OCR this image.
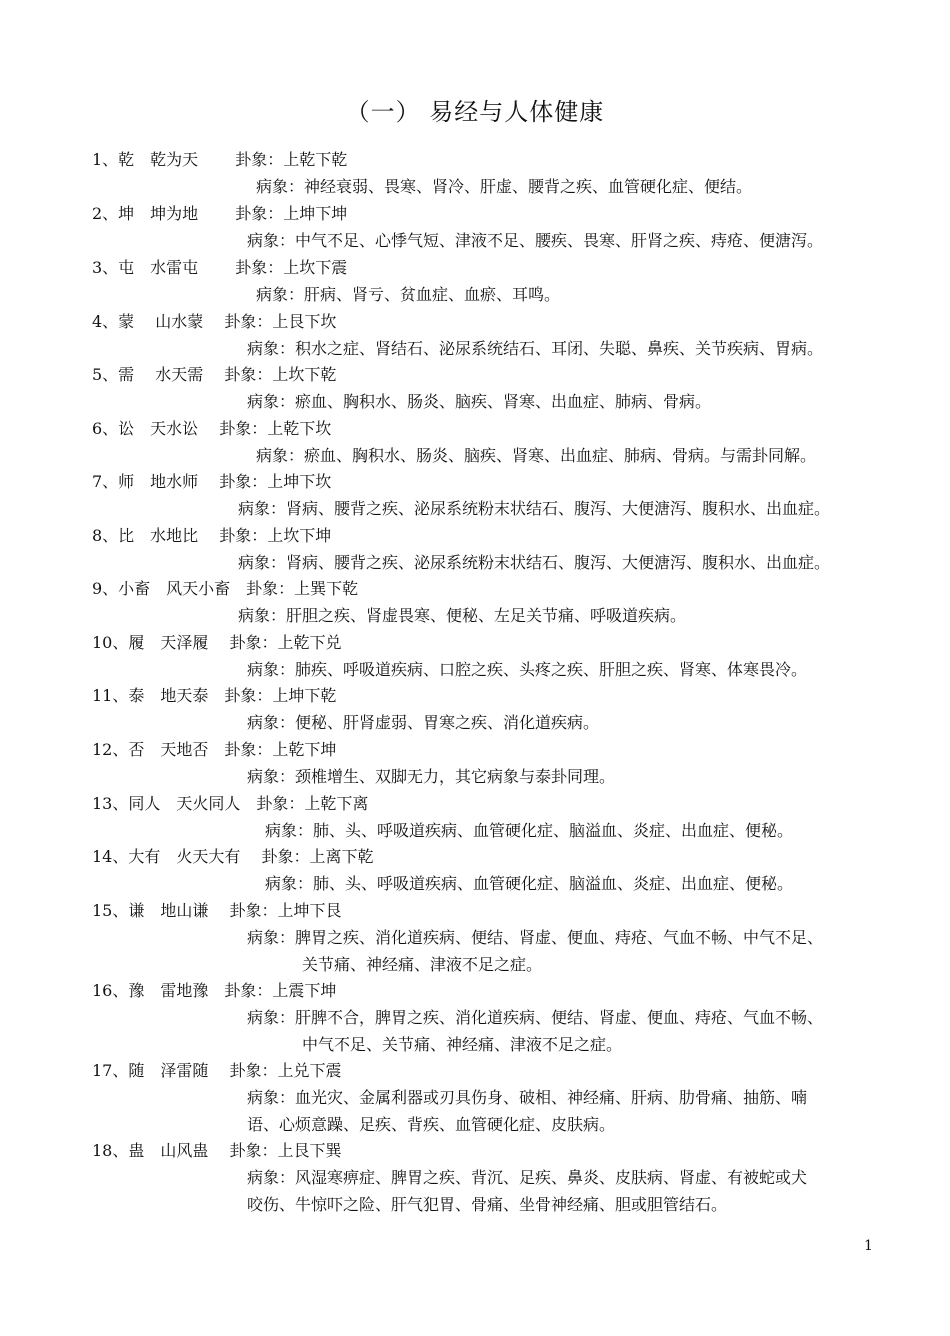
（一） 易经与人体健康
1、乾　乾为天　　 卦象：上乾下乾
病象：神经衰弱、畏寒、肾冷、肝虚、腰背之疾、血管硬化症、便结。
2、坤　坤为地　　 卦象：上坤下坤
病象：中气不足、心悸气短、津液不足、腰疾、畏寒、肝肾之疾、痔疮、便溏泻。
3、屯　水雷屯　　 卦象：上坎下震
病象：肝病、肾亏、贫血症、血瘀、耳鸣。
4、蒙　 山水蒙　 卦象：上艮下坎
病象：积水之症、肾结石、泌尿系统结石、耳闭、失聪、鼻疾、关节疾病、胃病。
5、需　 水天需　 卦象：上坎下乾
病象：瘀血、胸积水、肠炎、脑疾、肾寒、出血症、肺病、骨病。
6、讼　天水讼　 卦象：上乾下坎
病象：瘀血、胸积水、肠炎、脑疾、肾寒、出血症、肺病、骨病。与需卦同解。
7、师　地水师　 卦象：上坤下坎
病象：肾病、腰背之疾、泌尿系统粉末状结石、腹泻、大便溏泻、腹积水、出血症。
8、比　水地比　 卦象：上坎下坤
病象：肾病、腰背之疾、泌尿系统粉末状结石、腹泻、大便溏泻、腹积水、出血症。
9、小畜　风天小畜　卦象：上巽下乾
病象：肝胆之疾、肾虚畏寒、便秘、左足关节痛、呼吸道疾病。
10、履　天泽履　 卦象：上乾下兑
病象：肺疾、呼吸道疾病、口腔之疾、头疼之疾、肝胆之疾、肾寒、体寒畏冷。
11、泰　地天泰　卦象：上坤下乾
病象：便秘、肝肾虚弱、胃寒之疾、消化道疾病。
12、否　天地否　卦象：上乾下坤
病象：颈椎增生、双脚无力，其它病象与泰卦同理。
13、同人　天火同人　卦象：上乾下离
病象：肺、头、呼吸道疾病、血管硬化症、脑溢血、炎症、出血症、便秘。
14、大有　火天大有　 卦象：上离下乾
病象：肺、头、呼吸道疾病、血管硬化症、脑溢血、炎症、出血症、便秘。
15、谦　地山谦　 卦象：上坤下艮
病象：脾胃之疾、消化道疾病、便结、肾虚、便血、痔疮、气血不畅、中气不足、
关节痛、神经痛、津液不足之症。
16、豫　雷地豫　卦象：上震下坤
病象：肝脾不合，脾胃之疾、消化道疾病、便结、肾虚、便血、痔疮、气血不畅、
中气不足、关节痛、神经痛、津液不足之症。
17、随　泽雷随　 卦象：上兑下震
病象：血光灾、金属利器或刃具伤身、破相、神经痛、肝病、肋骨痛、抽筋、喃
语、心烦意躁、足疾、背疾、血管硬化症、皮肤病。
18、蛊　山风蛊　 卦象：上艮下巽
病象：风湿寒痹症、脾胃之疾、背沉、足疾、鼻炎、皮肤病、肾虚、有被蛇或犬
咬伤、牛惊吓之险、肝气犯胃、骨痛、坐骨神经痛、胆或胆管结石。
1
